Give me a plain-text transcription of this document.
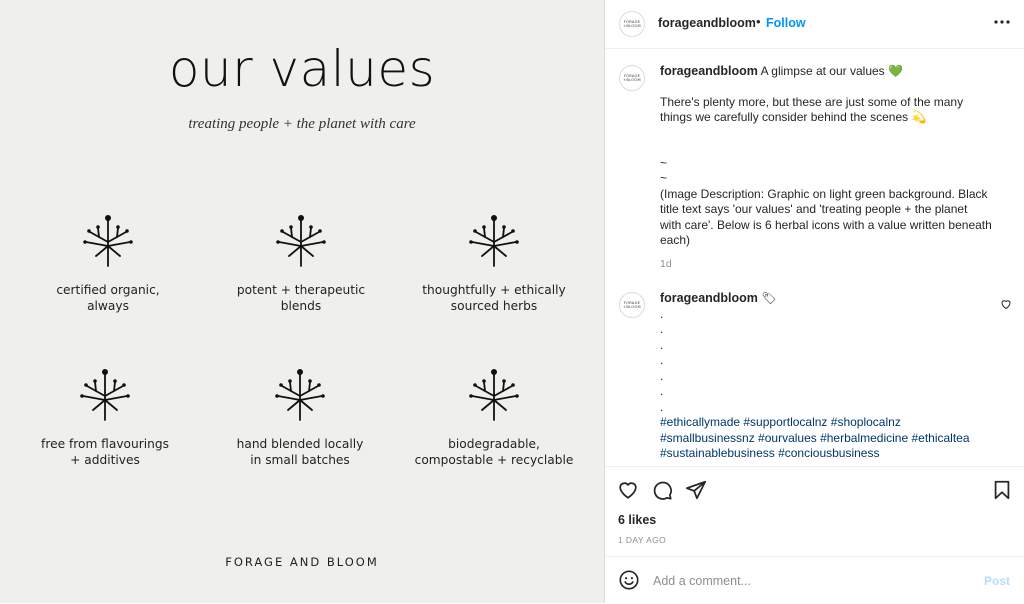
our values
treating people + the planet with care
certified organic,
always
potent + therapeutic
blends
thoughtfully + ethically
sourced herbs
free from flavourings
+ additives
hand blended locally
in small batches
biodegradable,
compostable + recyclable
FORAGE AND BLOOM
FORAGE
+BLOOM forageandbloom • Follow
FORAGE
+BLOOM

forageandbloom A glimpse at our values 💚

There's plenty more, but these are just some of the many

things we carefully consider behind the scenes 💫

~

~

(Image Description: Graphic on light green background. Black

title text says 'our values' and 'treating people + the planet

with care'. Below is 6 herbal icons with a value written beneath

each)

1d
FORAGE
+BLOOM

forageandbloom 🏷

.

.

.

.

.

.

.

#ethicallymade #supportlocalnz #shoplocalnz

#smallbusinessnz #ourvalues #herbalmedicine #ethicaltea

#sustainablebusiness #conciousbusiness

6 likes
1 DAY AGO
Add a comment...
Post
